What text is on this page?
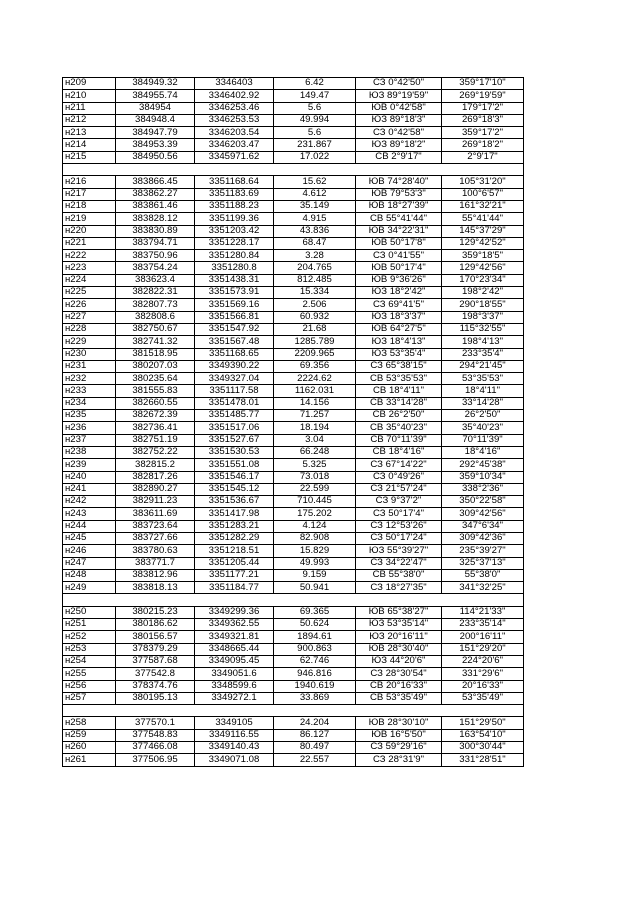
н209	384949.32	3346403	6.42	СЗ 0°42'50"	359°17'10"
н210	384955.74	3346402.92	149.47	ЮЗ 89°19'59"	269°19'59"
н211	384954	3346253.46	5.6	ЮВ 0°42'58"	179°17'2"
н212	384948.4	3346253.53	49.994	ЮЗ 89°18'3"	269°18'3"
н213	384947.79	3346203.54	5.6	СЗ 0°42'58"	359°17'2"
н214	384953.39	3346203.47	231.867	ЮЗ 89°18'2"	269°18'2"
н215	384950.56	3345971.62	17.022	СВ 2°9'17"	2°9'17"

н216	383866.45	3351168.64	15.62	ЮВ 74°28'40"	105°31'20"
н217	383862.27	3351183.69	4.612	ЮВ 79°53'3"	100°6'57"
н218	383861.46	3351188.23	35.149	ЮВ 18°27'39"	161°32'21"
н219	383828.12	3351199.36	4.915	СВ 55°41'44"	55°41'44"
н220	383830.89	3351203.42	43.836	ЮВ 34°22'31"	145°37'29"
н221	383794.71	3351228.17	68.47	ЮВ 50°17'8"	129°42'52"
н222	383750.96	3351280.84	3.28	СЗ 0°41'55"	359°18'5"
н223	383754.24	3351280.8	204.765	ЮВ 50°17'4"	129°42'56"
н224	383623.4	3351438.31	812.485	ЮВ 9°36'26"	170°23'34"
н225	382822.31	3351573.91	15.334	ЮЗ 18°2'42"	198°2'42"
н226	382807.73	3351569.16	2.506	СЗ 69°41'5"	290°18'55"
н227	382808.6	3351566.81	60.932	ЮЗ 18°3'37"	198°3'37"
н228	382750.67	3351547.92	21.68	ЮВ 64°27'5"	115°32'55"
н229	382741.32	3351567.48	1285.789	ЮЗ 18°4'13"	198°4'13"
н230	381518.95	3351168.65	2209.965	ЮЗ 53°35'4"	233°35'4"
н231	380207.03	3349390.22	69.356	СЗ 65°38'15"	294°21'45"
н232	380235.64	3349327.04	2224.62	СВ 53°35'53"	53°35'53"
н233	381555.83	3351117.58	1162.031	СВ 18°4'11"	18°4'11"
н234	382660.55	3351478.01	14.156	СВ 33°14'28"	33°14'28"
н235	382672.39	3351485.77	71.257	СВ 26°2'50"	26°2'50"
н236	382736.41	3351517.06	18.194	СВ 35°40'23"	35°40'23"
н237	382751.19	3351527.67	3.04	СВ 70°11'39"	70°11'39"
н238	382752.22	3351530.53	66.248	СВ 18°4'16"	18°4'16"
н239	382815.2	3351551.08	5.325	СЗ 67°14'22"	292°45'38"
н240	382817.26	3351546.17	73.018	СЗ 0°49'26"	359°10'34"
н241	382890.27	3351545.12	22.599	СЗ 21°57'24"	338°2'36"
н242	382911.23	3351536.67	710.445	СЗ 9°37'2"	350°22'58"
н243	383611.69	3351417.98	175.202	СЗ 50°17'4"	309°42'56"
н244	383723.64	3351283.21	4.124	СЗ 12°53'26"	347°6'34"
н245	383727.66	3351282.29	82.908	СЗ 50°17'24"	309°42'36"
н246	383780.63	3351218.51	15.829	ЮЗ 55°39'27"	235°39'27"
н247	383771.7	3351205.44	49.993	СЗ 34°22'47"	325°37'13"
н248	383812.96	3351177.21	9.159	СВ 55°38'0"	55°38'0"
н249	383818.13	3351184.77	50.941	СЗ 18°27'35"	341°32'25"

н250	380215.23	3349299.36	69.365	ЮВ 65°38'27"	114°21'33"
н251	380186.62	3349362.55	50.624	ЮЗ 53°35'14"	233°35'14"
н252	380156.57	3349321.81	1894.61	ЮЗ 20°16'11"	200°16'11"
н253	378379.29	3348665.44	900.863	ЮВ 28°30'40"	151°29'20"
н254	377587.68	3349095.45	62.746	ЮЗ 44°20'6"	224°20'6"
н255	377542.8	3349051.6	946.816	СЗ 28°30'54"	331°29'6"
н256	378374.76	3348599.6	1940.619	СВ 20°16'33"	20°16'33"
н257	380195.13	3349272.1	33.869	СВ 53°35'49"	53°35'49"

н258	377570.1	3349105	24.204	ЮВ 28°30'10"	151°29'50"
н259	377548.83	3349116.55	86.127	ЮВ 16°5'50"	163°54'10"
н260	377466.08	3349140.43	80.497	СЗ 59°29'16"	300°30'44"
н261	377506.95	3349071.08	22.557	СЗ 28°31'9"	331°28'51"
